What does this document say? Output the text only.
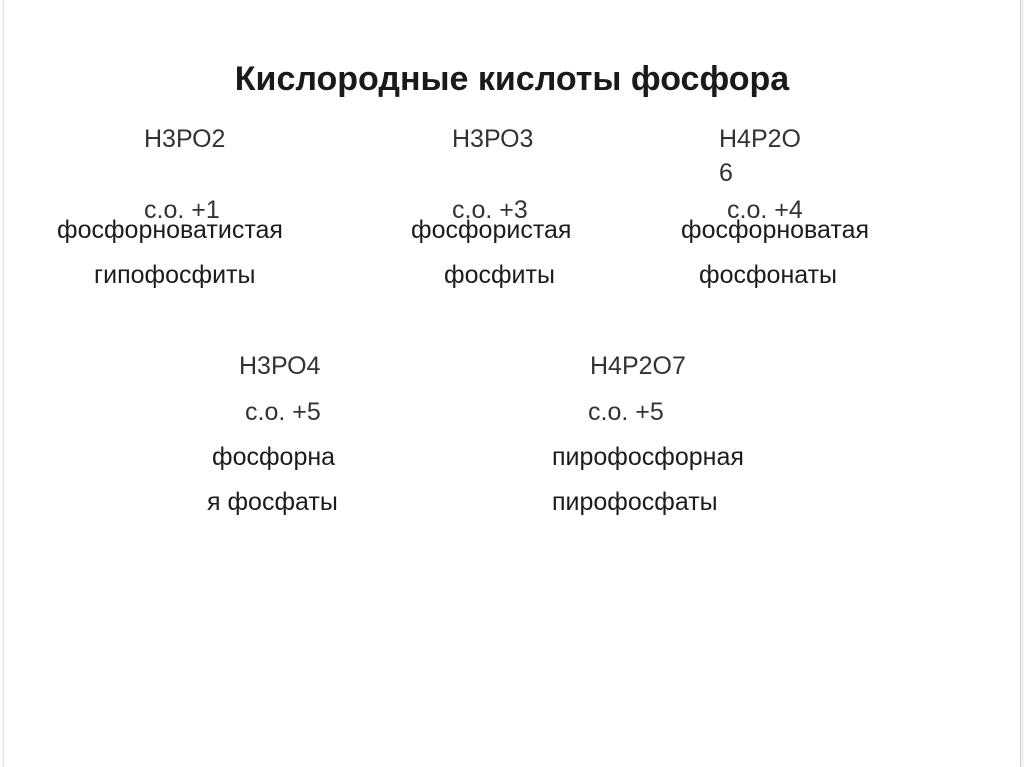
Кислородные кислоты фосфора
Н3РО2
с.о. +1
фосфорноватистая
гипофосфиты
Н3РО3
с.о. +3
фосфористая
фосфиты
Н4Р2О
6
с.о. +4
фосфорноватая
фосфонаты
Н3РО4
с.о. +5
фосфорна
я фосфаты
Н4Р2О7
с.о. +5
пирофосфорная
пирофосфаты
